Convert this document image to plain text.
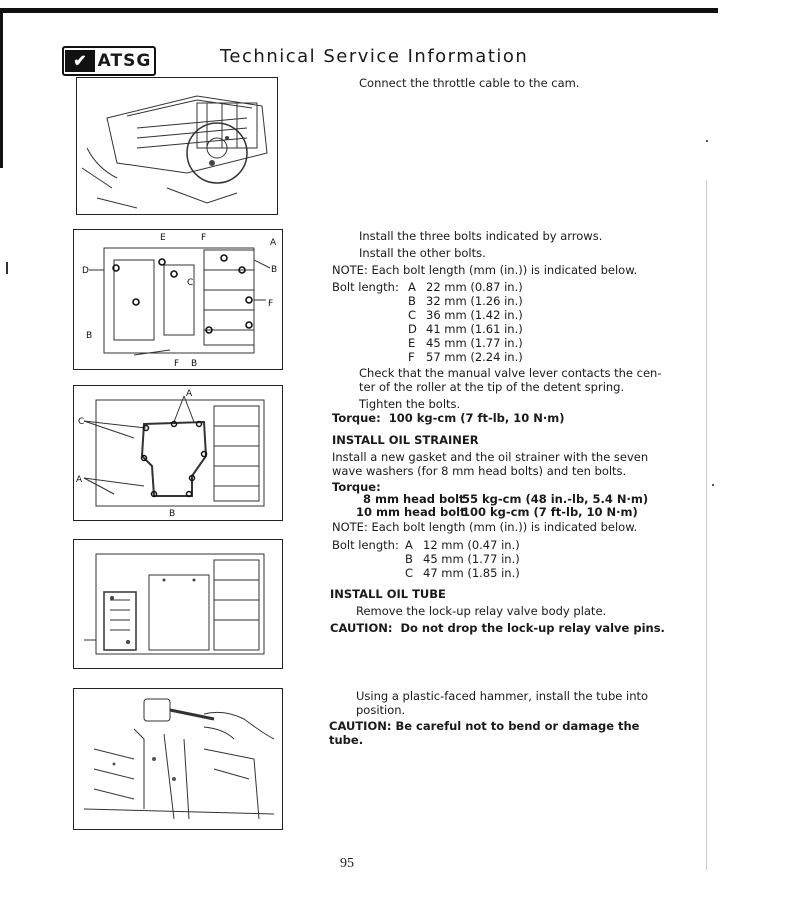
✔ ATSG	Technical Service Information
Connect the throttle cable to the cam.
E	F	A
D	B
C
F
B
F B
Install the three bolts indicated by arrows.
Install the other bolts.
NOTE: Each bolt length (mm (in.)) is indicated below.
Bolt length: A 22 mm (0.87 in.)
B 32 mm (1.26 in.)
C 36 mm (1.42 in.)
D 41 mm (1.61 in.)
E 45 mm (1.77 in.)
F 57 mm (2.24 in.)
Check that the manual valve lever contacts the cen-
ter of the roller at the tip of the detent spring.
Tighten the bolts.
Torque: 100 kg-cm (7 ft-lb, 10 N·m)
A
C
A
B
INSTALL OIL STRAINER
Install a new gasket and the oil strainer with the seven
wave washers (for 8 mm head bolts) and ten bolts.
Torque:
8 mm head bolt
55 kg-cm (48 in.-lb, 5.4 N·m)
10 mm head bolt
100 kg-cm (7 ft-lb, 10 N·m)
NOTE: Each bolt length (mm (in.)) is indicated below.
Bolt length: A 12 mm (0.47 in.)
B 45 mm (1.77 in.)
C 47 mm (1.85 in.)
INSTALL OIL TUBE
Remove the lock-up relay valve body plate.
CAUTION: Do not drop the lock-up relay valve pins.
Using a plastic-faced hammer, install the tube into
position.
CAUTION: Be careful not to bend or damage the
tube.
95
